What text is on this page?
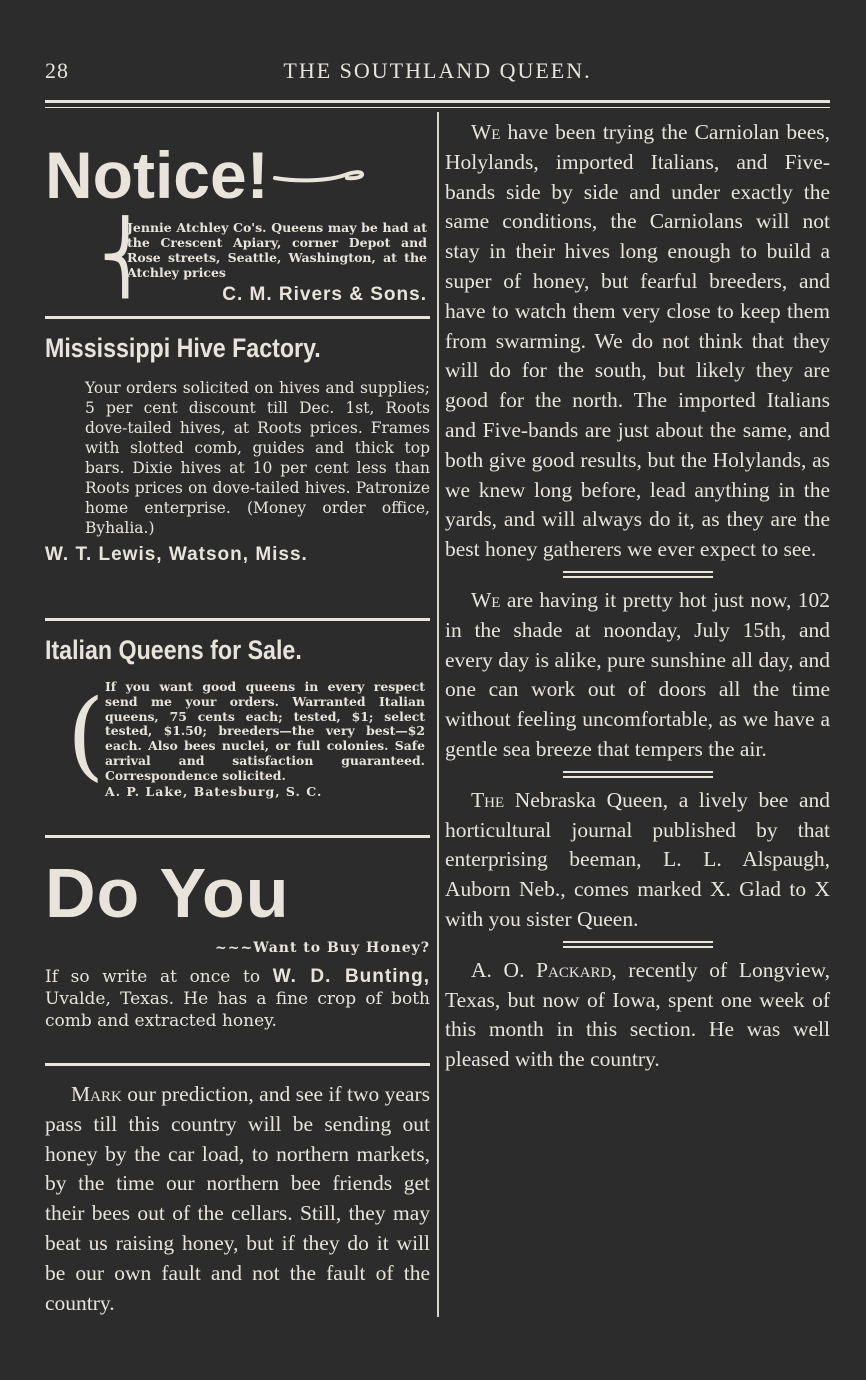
28	THE SOUTHLAND QUEEN.
Notice!
⎨
Jennie Atchley Co's. Queens may be had at the Crescent Apiary, corner Depot and Rose streets, Seattle, Washington, at the Atchley prices
C. M. Rivers & Sons.
Mississippi Hive Factory.
Your orders solicited on hives and supplies; 5 per cent discount till Dec. 1st, Roots dove-tailed hives, at Roots prices. Frames with slotted comb, guides and thick top bars. Dixie hives at 10 per cent less than Roots prices on dove-tailed hives. Patronize home enterprise. (Money order office, Byhalia.)
W. T. Lewis, Watson, Miss.
Italian Queens for Sale.
( If you want good queens in every respect send me your orders. Warranted Italian queens, 75 cents each; tested, $1; select tested, $1.50; breeders—the very best—$2 each. Also bees nuclei, or full colonies. Safe arrival and satisfaction guaranteed. Correspondence solicited.
A. P. Lake, Batesburg, S. C.
Do You
~~~Want to Buy Honey?
If so write at once to W. D. Bunting, Uvalde, Texas. He has a fine crop of both comb and extracted honey.
Mark our prediction, and see if two years pass till this country will be sending out honey by the car load, to northern markets, by the time our northern bee friends get their bees out of the cellars. Still, they may beat us raising honey, but if they do it will be our own fault and not the fault of the country.
We have been trying the Carniolan bees, Holylands, imported Italians, and Five-bands side by side and under exactly the same conditions, the Carniolans will not stay in their hives long enough to build a super of honey, but fearful breeders, and have to watch them very close to keep them from swarming. We do not think that they will do for the south, but likely they are good for the north. The imported Italians and Five-bands are just about the same, and both give good results, but the Holylands, as we knew long before, lead anything in the yards, and will always do it, as they are the best honey gatherers we ever expect to see.
We are having it pretty hot just now, 102 in the shade at noonday, July 15th, and every day is alike, pure sunshine all day, and one can work out of doors all the time without feeling uncomfortable, as we have a gentle sea breeze that tempers the air.
The Nebraska Queen, a lively bee and horticultural journal published by that enterprising beeman, L. L. Alspaugh, Auborn Neb., comes marked X. Glad to X with you sister Queen.
A. O. Packard, recently of Longview, Texas, but now of Iowa, spent one week of this month in this section. He was well pleased with the country.
